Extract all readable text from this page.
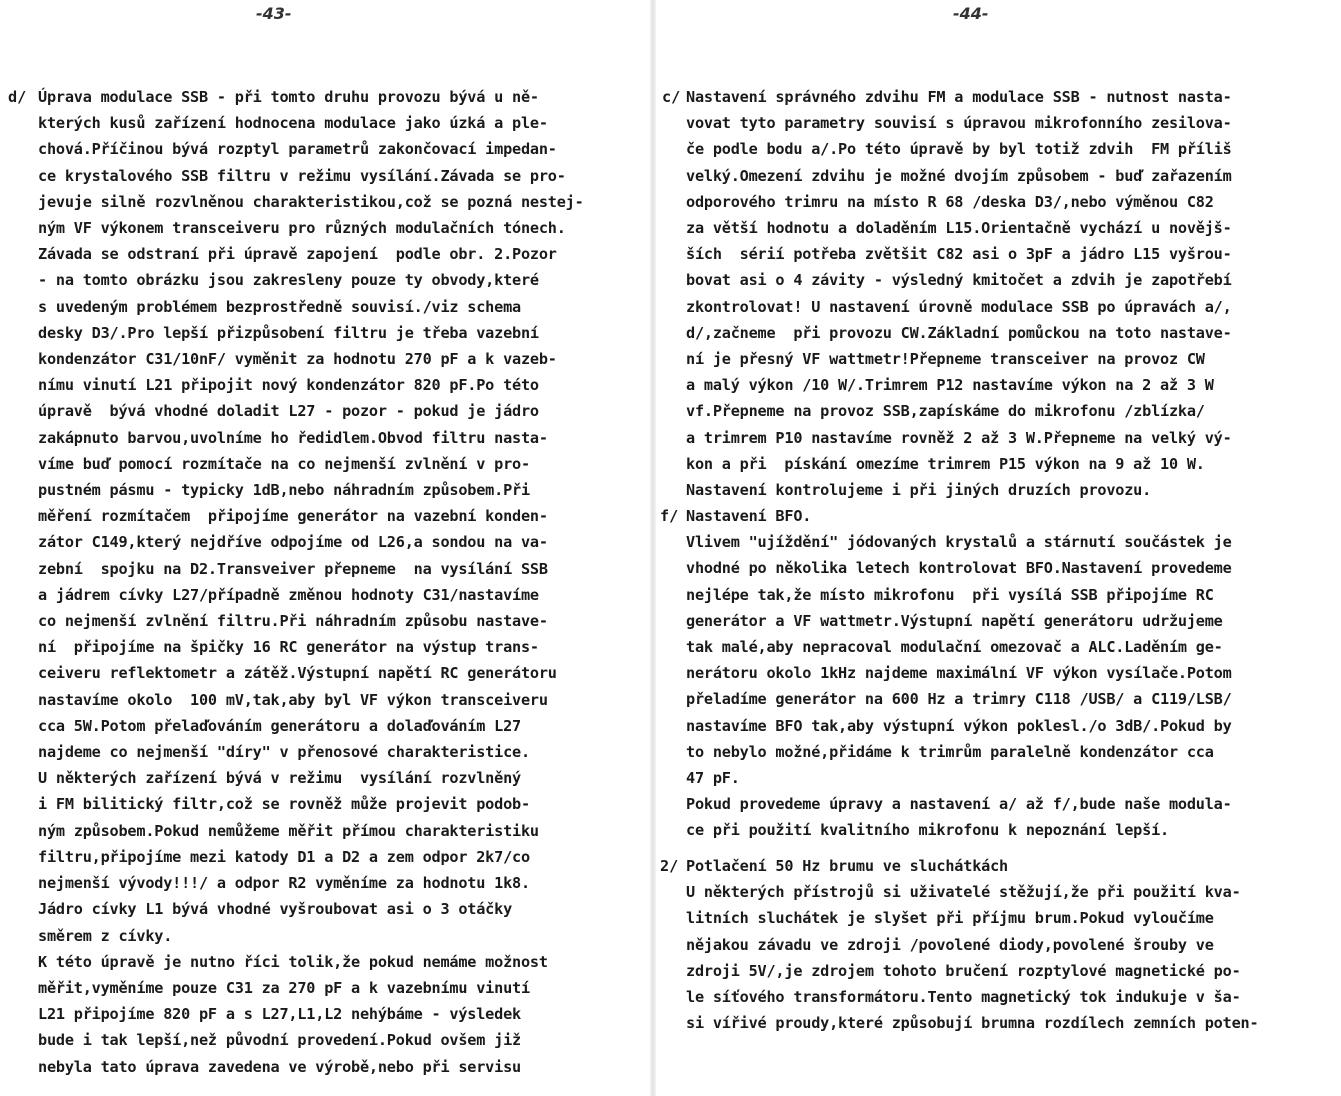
-43-
d/ Úprava modulace SSB - při tomto druhu provozu bývá u ně-
kterých kusů zařízení hodnocena modulace jako úzká a ple-
chová.Příčinou bývá rozptyl parametrů zakončovací impedan-
ce krystalového SSB filtru v režimu vysílání.Závada se pro-
jevuje silně rozvlněnou charakteristikou,což se pozná nestej-
ným VF výkonem transceiveru pro různých modulačních tónech.
Závada se odstraní při úpravě zapojení  podle obr. 2.Pozor
- na tomto obrázku jsou zakresleny pouze ty obvody,které
s uvedeným problémem bezprostředně souvisí./viz schema
desky D3/.Pro lepší přizpůsobení filtru je třeba vazební
kondenzátor C31/10nF/ vyměnit za hodnotu 270 pF a k vazeb-
nímu vinutí L21 připojit nový kondenzátor 820 pF.Po této
úpravě  bývá vhodné doladit L27 - pozor - pokud je jádro
zakápnuto barvou,uvolníme ho ředidlem.Obvod filtru nasta-
víme buď pomocí rozmítače na co nejmenší zvlnění v pro-
pustném pásmu - typicky 1dB,nebo náhradním způsobem.Při
měření rozmítačem  připojíme generátor na vazební konden-
zátor C149,který nejdříve odpojíme od L26,a sondou na va-
zební  spojku na D2.Transveiver přepneme  na vysílání SSB
a jádrem cívky L27/případně změnou hodnoty C31/nastavíme
co nejmenší zvlnění filtru.Při náhradním způsobu nastave-
ní  připojíme na špičky 16 RC generátor na výstup trans-
ceiveru reflektometr a zátěž.Výstupní napětí RC generátoru
nastavíme okolo  100 mV,tak,aby byl VF výkon transceiveru
cca 5W.Potom přelaďováním generátoru a dolaďováním L27
najdeme co nejmenší "díry" v přenosové charakteristice.
U některých zařízení bývá v režimu  vysílání rozvlněný
i FM bilitický filtr,což se rovněž může projevit podob-
ným způsobem.Pokud nemůžeme měřit přímou charakteristiku
filtru,připojíme mezi katody D1 a D2 a zem odpor 2k7/co
nejmenší vývody!!!/ a odpor R2 vyměníme za hodnotu 1k8.
Jádro cívky L1 bývá vhodné vyšroubovat asi o 3 otáčky
směrem z cívky.
K této úpravě je nutno říci tolik,že pokud nemáme možnost
měřit,vyměníme pouze C31 za 270 pF a k vazebnímu vinutí
L21 připojíme 820 pF a s L27,L1,L2 nehýbáme - výsledek
bude i tak lepší,než původní provedení.Pokud ovšem již
nebyla tato úprava zavedena ve výrobě,nebo při servisu
-44-
c/ Nastavení správného zdvihu FM a modulace SSB - nutnost nasta-
vovat tyto parametry souvisí s úpravou mikrofonního zesilova-
če podle bodu a/.Po této úpravě by byl totiž zdvih  FM příliš
velký.Omezení zdvihu je možné dvojím způsobem - buď zařazením
odporového trimru na místo R 68 /deska D3/,nebo výměnou C82
za větší hodnotu a doladěním L15.Orientačně vychází u novějš-
ších  sérií potřeba zvětšit C82 asi o 3pF a jádro L15 vyšrou-
bovat asi o 4 závity - výsledný kmitočet a zdvih je zapotřebí
zkontrolovat! U nastavení úrovně modulace SSB po úpravách a/,
d/,začneme  při provozu CW.Základní pomůckou na toto nastave-
ní je přesný VF wattmetr!Přepneme transceiver na provoz CW
a malý výkon /10 W/.Trimrem P12 nastavíme výkon na 2 až 3 W
vf.Přepneme na provoz SSB,zapískáme do mikrofonu /zblízka/
a trimrem P10 nastavíme rovněž 2 až 3 W.Přepneme na velký vý-
kon a při  pískání omezíme trimrem P15 výkon na 9 až 10 W.
Nastavení kontrolujeme i při jiných druzích provozu.
f/ Nastavení BFO.
Vlivem "ujíždění" jódovaných krystalů a stárnutí součástek je
vhodné po několika letech kontrolovat BFO.Nastavení provedeme
nejlépe tak,že místo mikrofonu  při vysílá SSB připojíme RC
generátor a VF wattmetr.Výstupní napětí generátoru udržujeme
tak malé,aby nepracoval modulační omezovač a ALC.Laděním ge-
nerátoru okolo 1kHz najdeme maximální VF výkon vysílače.Potom
přeladíme generátor na 600 Hz a trimry C118 /USB/ a C119/LSB/
nastavíme BFO tak,aby výstupní výkon poklesl./o 3dB/.Pokud by
to nebylo možné,přidáme k trimrům paralelně kondenzátor cca
47 pF.
Pokud provedeme úpravy a nastavení a/ až f/,bude naše modula-
ce při použití kvalitního mikrofonu k nepoznání lepší.
2/ Potlačení 50 Hz brumu ve sluchátkách
U některých přístrojů si uživatelé stěžují,že při použití kva-
litních sluchátek je slyšet při příjmu brum.Pokud vyloučíme
nějakou závadu ve zdroji /povolené diody,povolené šrouby ve
zdroji 5V/,je zdrojem tohoto bručení rozptylové magnetické po-
le síťového transformátoru.Tento magnetický tok indukuje v ša-
si vířivé proudy,které způsobují brumna rozdílech zemních poten-
